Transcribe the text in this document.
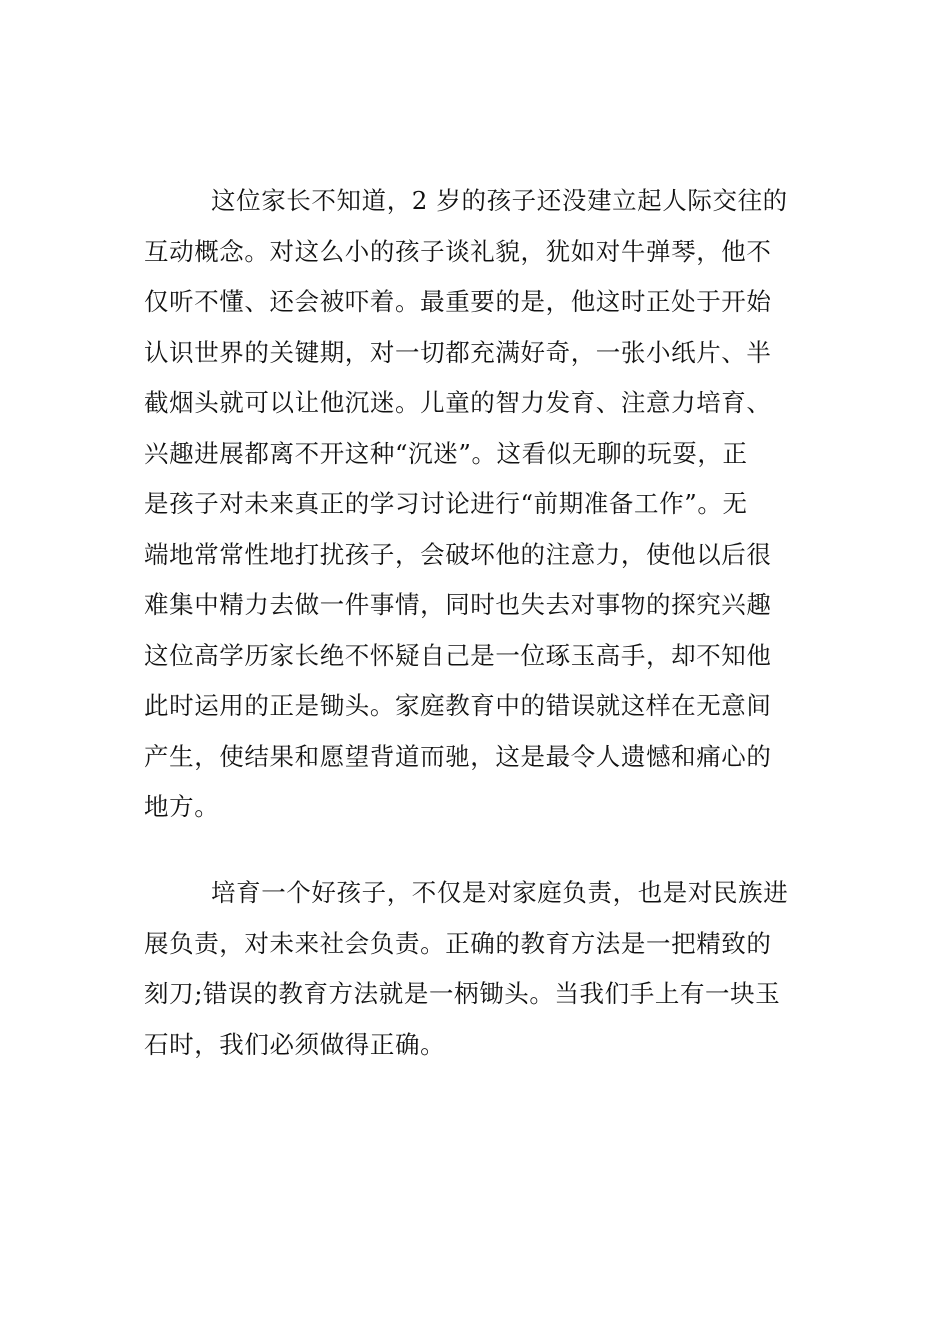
这位家长不知道，2 岁的孩子还没建立起人际交往的
互动概念。对这么小的孩子谈礼貌，犹如对牛弹琴，他不
仅听不懂、还会被吓着。最重要的是，他这时正处于开始
认识世界的关键期，对一切都充满好奇，一张小纸片、半
截烟头就可以让他沉迷。儿童的智力发育、注意力培育、
兴趣进展都离不开这种“沉迷”。这看似无聊的玩耍，正
是孩子对未来真正的学习讨论进行“前期准备工作”。无
端地常常性地打扰孩子，会破坏他的注意力，使他以后很
难集中精力去做一件事情，同时也失去对事物的探究兴趣
这位高学历家长绝不怀疑自己是一位琢玉高手，却不知他
此时运用的正是锄头。家庭教育中的错误就这样在无意间
产生，使结果和愿望背道而驰，这是最令人遗憾和痛心的
地方。
培育一个好孩子，不仅是对家庭负责，也是对民族进
展负责，对未来社会负责。正确的教育方法是一把精致的
刻刀;错误的教育方法就是一柄锄头。当我们手上有一块玉
石时，我们必须做得正确。
